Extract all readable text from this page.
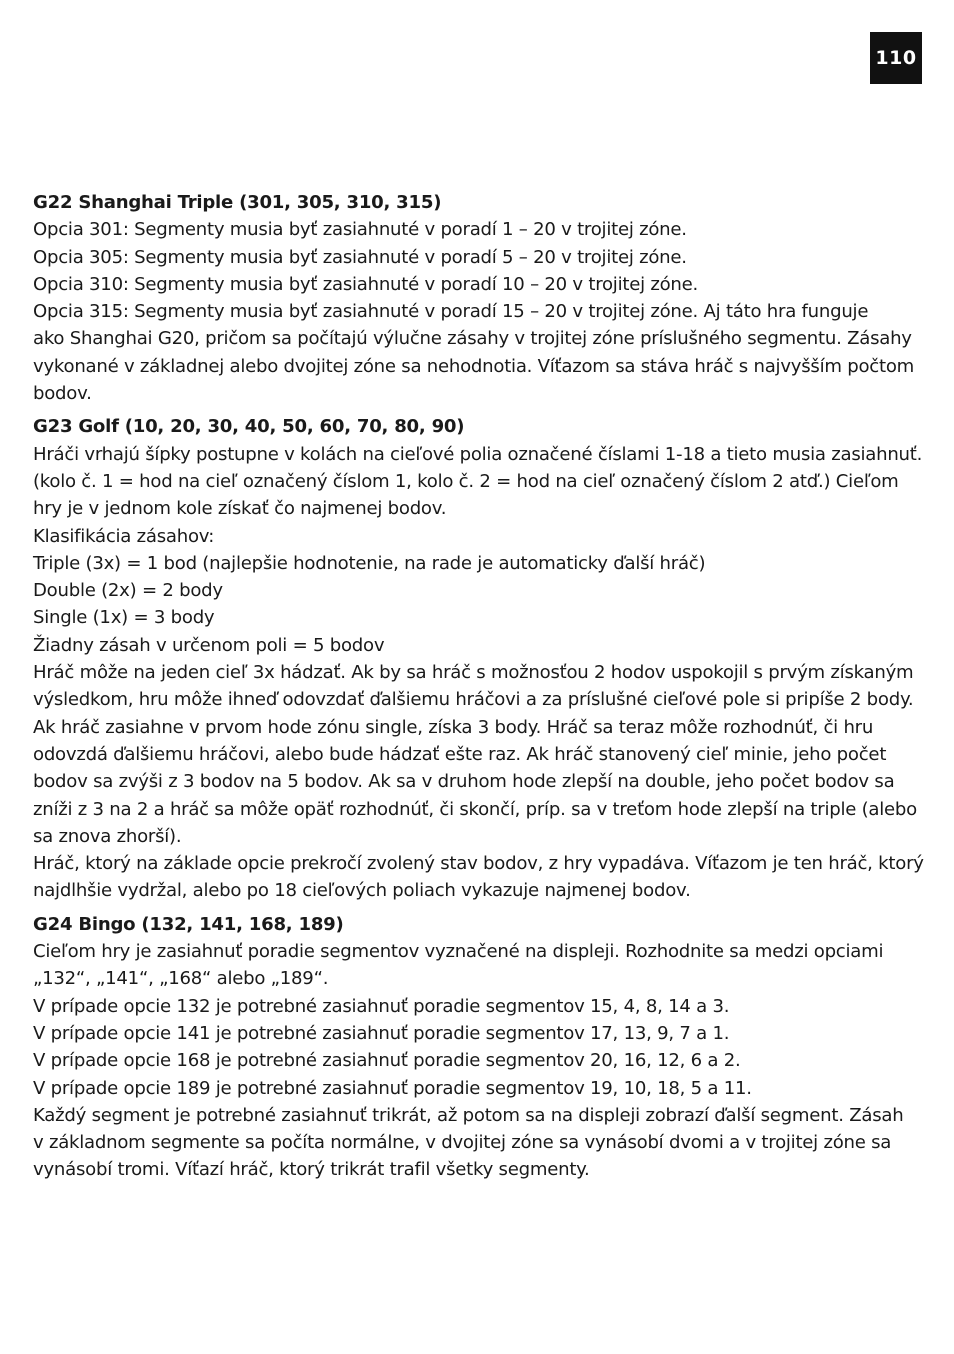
110

G22 Shanghai Triple (301, 305, 310, 315)

Opcia 301: Segmenty musia byť zasiahnuté v poradí 1 – 20 v trojitej zóne.

Opcia 305: Segmenty musia byť zasiahnuté v poradí 5 – 20 v trojitej zóne.

Opcia 310: Segmenty musia byť zasiahnuté v poradí 10 – 20 v trojitej zóne.

Opcia 315: Segmenty musia byť zasiahnuté v poradí 15 – 20 v trojitej zóne. Aj táto hra funguje

ako Shanghai G20, pričom sa počítajú výlučne zásahy v trojitej zóne príslušného segmentu. Zásahy

vykonané v základnej alebo dvojitej zóne sa nehodnotia. Víťazom sa stáva hráč s najvyšším počtom

bodov.

G23 Golf (10, 20, 30, 40, 50, 60, 70, 80, 90)

Hráči vrhajú šípky postupne v kolách na cieľové polia označené číslami 1-18 a tieto musia zasiahnuť.

(kolo č. 1 = hod na cieľ označený číslom 1, kolo č. 2 = hod na cieľ označený číslom 2 atď.) Cieľom

hry je v jednom kole získať čo najmenej bodov.

Klasifikácia zásahov:

Triple (3x) = 1 bod (najlepšie hodnotenie, na rade je automaticky ďalší hráč)

Double (2x) = 2 body

Single (1x) = 3 body

Žiadny zásah v určenom poli = 5 bodov

Hráč môže na jeden cieľ 3x hádzať. Ak by sa hráč s možnosťou 2 hodov uspokojil s prvým získaným

výsledkom, hru môže ihneď odovzdať ďalšiemu hráčovi a za príslušné cieľové pole si pripíše 2 body.

Ak hráč zasiahne v prvom hode zónu single, získa 3 body. Hráč sa teraz môže rozhodnúť, či hru

odovzdá ďalšiemu hráčovi, alebo bude hádzať ešte raz. Ak hráč stanovený cieľ minie, jeho počet

bodov sa zvýši z 3 bodov na 5 bodov. Ak sa v druhom hode zlepší na double, jeho počet bodov sa

zníži z 3 na 2 a hráč sa môže opäť rozhodnúť, či skončí, príp. sa v treťom hode zlepší na triple (alebo

sa znova zhorší).

Hráč, ktorý na základe opcie prekročí zvolený stav bodov, z hry vypadáva. Víťazom je ten hráč, ktorý

najdlhšie vydržal, alebo po 18 cieľových poliach vykazuje najmenej bodov.

G24 Bingo (132, 141, 168, 189)

Cieľom hry je zasiahnuť poradie segmentov vyznačené na displeji. Rozhodnite sa medzi opciami

„132“, „141“, „168“ alebo „189“.

V prípade opcie 132 je potrebné zasiahnuť poradie segmentov 15, 4, 8, 14 a 3.

V prípade opcie 141 je potrebné zasiahnuť poradie segmentov 17, 13, 9, 7 a 1.

V prípade opcie 168 je potrebné zasiahnuť poradie segmentov 20, 16, 12, 6 a 2.

V prípade opcie 189 je potrebné zasiahnuť poradie segmentov 19, 10, 18, 5 a 11.

Každý segment je potrebné zasiahnuť trikrát, až potom sa na displeji zobrazí ďalší segment. Zásah

v základnom segmente sa počíta normálne, v dvojitej zóne sa vynásobí dvomi a v trojitej zóne sa

vynásobí tromi. Víťazí hráč, ktorý trikrát trafil všetky segmenty.
